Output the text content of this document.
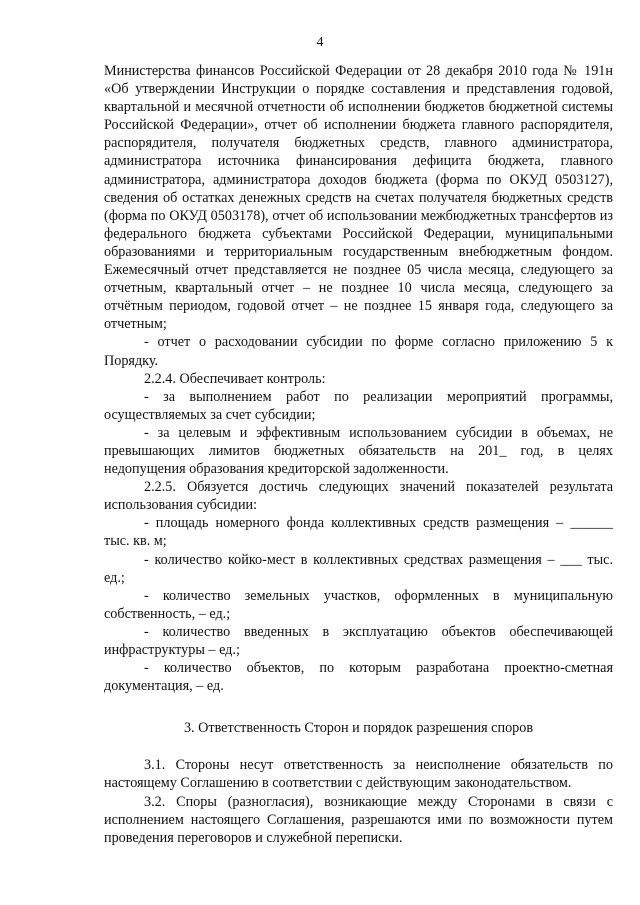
4

Министерства финансов Российской Федерации от 28 декабря 2010 года № 191н «Об утверждении Инструкции о порядке составления и представления годовой, квартальной и месячной отчетности об исполнении бюджетов бюджетной системы Российской Федерации», отчет об исполнении бюджета главного распорядителя, распорядителя, получателя бюджетных средств, главного администратора, администратора источника финансирования дефицита бюджета, главного администратора, администратора доходов бюджета (форма по ОКУД 0503127), сведения об остатках денежных средств на счетах получателя бюджетных средств (форма по ОКУД 0503178), отчет об использовании межбюджетных трансфертов из федерального бюджета субъектами Российской Федерации, муниципальными образованиями и территориальным государственным внебюджетным фондом. Ежемесячный отчет представляется не позднее 05 числа месяца, следующего за отчетным, квартальный отчет – не позднее 10 числа месяца, следующего за отчётным периодом, годовой отчет – не позднее 15 января года, следующего за отчетным;

- отчет о расходовании субсидии по форме согласно приложению 5 к Порядку.

2.2.4. Обеспечивает контроль:

- за выполнением работ по реализации мероприятий программы, осуществляемых за счет субсидии;

- за целевым и эффективным использованием субсидии в объемах, не превышающих лимитов бюджетных обязательств на 201_ год, в целях недопущения образования кредиторской задолженности.

2.2.5. Обязуется достичь следующих значений показателей результата использования субсидии:

- площадь номерного фонда коллективных средств размещения – ______ тыс. кв. м;

- количество койко-мест в коллективных средствах размещения – ___ тыс. ед.;

- количество земельных участков, оформленных в муниципальную собственность, – ед.;

- количество введенных в эксплуатацию объектов обеспечивающей инфраструктуры – ед.;

- количество объектов, по которым разработана проектно-сметная документация, – ед.

3. Ответственность Сторон и порядок разрешения споров

3.1. Стороны несут ответственность за неисполнение обязательств по настоящему Соглашению в соответствии с действующим законодательством.

3.2. Споры (разногласия), возникающие между Сторонами в связи с исполнением настоящего Соглашения, разрешаются ими по возможности путем проведения переговоров и служебной переписки.
